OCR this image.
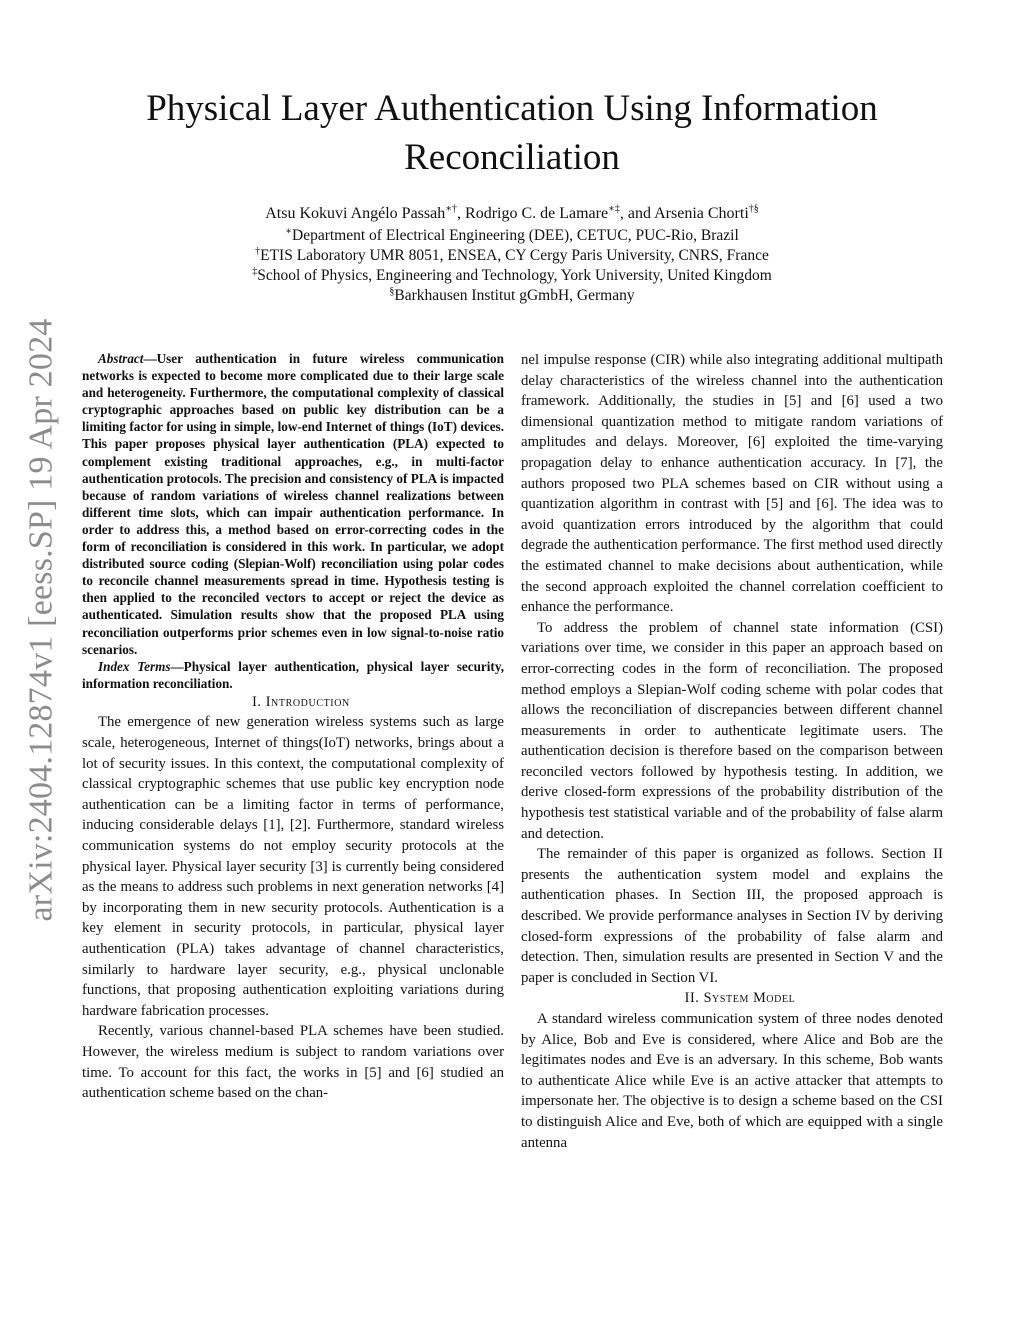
arXiv:2404.12874v1 [eess.SP] 19 Apr 2024
Physical Layer Authentication Using Information Reconciliation
Atsu Kokuvi Angélo Passah∗†, Rodrigo C. de Lamare∗‡, and Arsenia Chorti†§
∗Department of Electrical Engineering (DEE), CETUC, PUC-Rio, Brazil
†ETIS Laboratory UMR 8051, ENSEA, CY Cergy Paris University, CNRS, France
‡School of Physics, Engineering and Technology, York University, United Kingdom
§Barkhausen Institut gGmbH, Germany

Abstract—User authentication in future wireless communication networks is expected to become more complicated due to their large scale and heterogeneity. Furthermore, the computational complexity of classical cryptographic approaches based on public key distribution can be a limiting factor for using in simple, low-end Internet of things (IoT) devices. This paper proposes physical layer authentication (PLA) expected to complement existing traditional approaches, e.g., in multi-factor authentication protocols. The precision and consistency of PLA is impacted because of random variations of wireless channel realizations between different time slots, which can impair authentication performance. In order to address this, a method based on error-correcting codes in the form of reconciliation is considered in this work. In particular, we adopt distributed source coding (Slepian-Wolf) reconciliation using polar codes to reconcile channel measurements spread in time. Hypothesis testing is then applied to the reconciled vectors to accept or reject the device as authenticated. Simulation results show that the proposed PLA using reconciliation outperforms prior schemes even in low signal-to-noise ratio scenarios.

Index Terms—Physical layer authentication, physical layer security, information reconciliation.

I. Introduction

The emergence of new generation wireless systems such as large scale, heterogeneous, Internet of things(IoT) networks, brings about a lot of security issues. In this context, the computational complexity of classical cryptographic schemes that use public key encryption node authentication can be a limiting factor in terms of performance, inducing considerable delays [1], [2]. Furthermore, standard wireless communication systems do not employ security protocols at the physical layer. Physical layer security [3] is currently being considered as the means to address such problems in next generation networks [4] by incorporating them in new security protocols. Authentication is a key element in security protocols, in particular, physical layer authentication (PLA) takes advantage of channel characteristics, similarly to hardware layer security, e.g., physical unclonable functions, that proposing authentication exploiting variations during hardware fabrication processes.

Recently, various channel-based PLA schemes have been studied. However, the wireless medium is subject to random variations over time. To account for this fact, the works in [5] and [6] studied an authentication scheme based on the chan-

nel impulse response (CIR) while also integrating additional multipath delay characteristics of the wireless channel into the authentication framework. Additionally, the studies in [5] and [6] used a two dimensional quantization method to mitigate random variations of amplitudes and delays. Moreover, [6] exploited the time-varying propagation delay to enhance authentication accuracy. In [7], the authors proposed two PLA schemes based on CIR without using a quantization algorithm in contrast with [5] and [6]. The idea was to avoid quantization errors introduced by the algorithm that could degrade the authentication performance. The first method used directly the estimated channel to make decisions about authentication, while the second approach exploited the channel correlation coefficient to enhance the performance.

To address the problem of channel state information (CSI) variations over time, we consider in this paper an approach based on error-correcting codes in the form of reconciliation. The proposed method employs a Slepian-Wolf coding scheme with polar codes that allows the reconciliation of discrepancies between different channel measurements in order to authenticate legitimate users. The authentication decision is therefore based on the comparison between reconciled vectors followed by hypothesis testing. In addition, we derive closed-form expressions of the probability distribution of the hypothesis test statistical variable and of the probability of false alarm and detection.

The remainder of this paper is organized as follows. Section II presents the authentication system model and explains the authentication phases. In Section III, the proposed approach is described. We provide performance analyses in Section IV by deriving closed-form expressions of the probability of false alarm and detection. Then, simulation results are presented in Section V and the paper is concluded in Section VI.

II. System Model

A standard wireless communication system of three nodes denoted by Alice, Bob and Eve is considered, where Alice and Bob are the legitimates nodes and Eve is an adversary. In this scheme, Bob wants to authenticate Alice while Eve is an active attacker that attempts to impersonate her. The objective is to design a scheme based on the CSI to distinguish Alice and Eve, both of which are equipped with a single antenna
